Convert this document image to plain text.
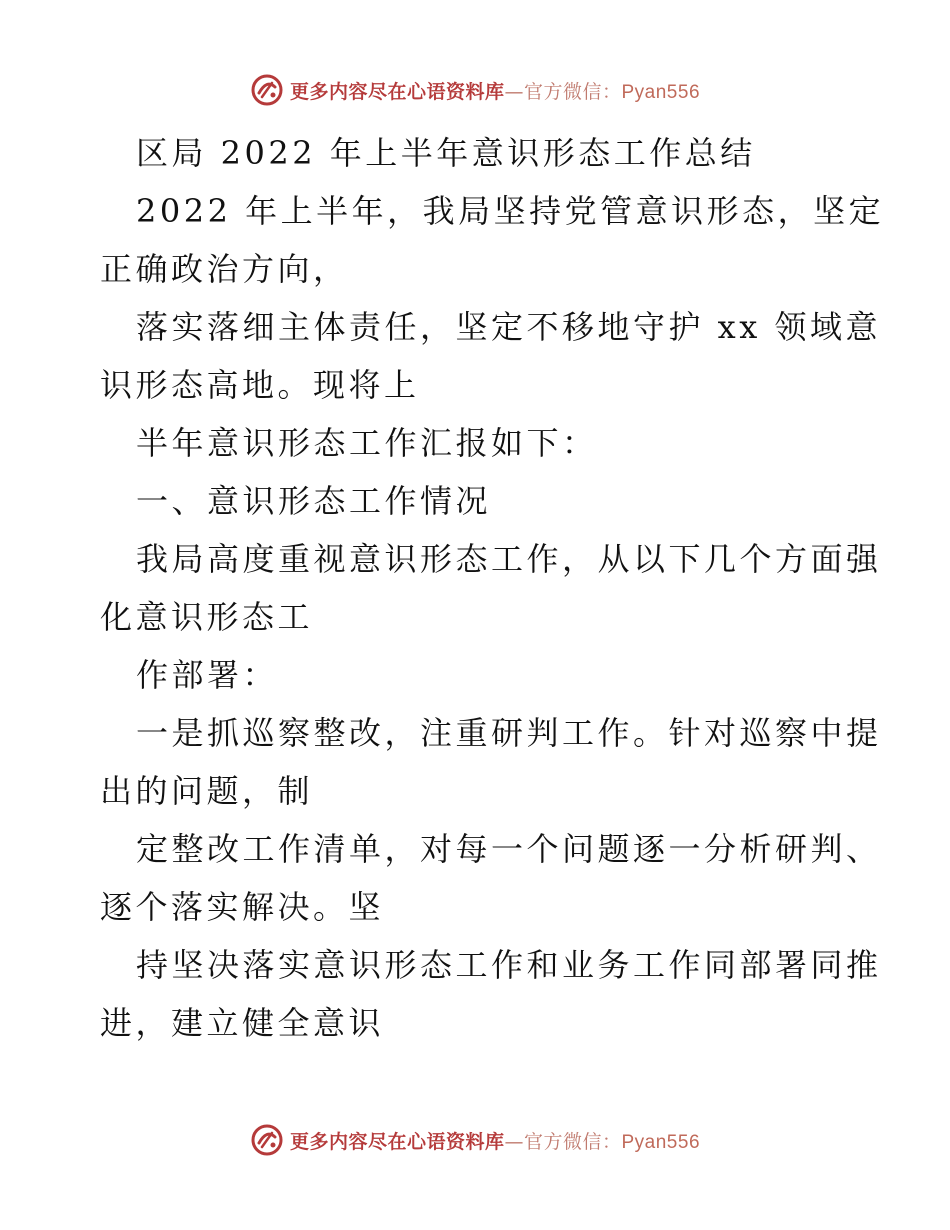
更多内容尽在心语资料库—官方微信：Pyan556

区局 2022 年上半年意识形态工作总结

2022 年上半年，我局坚持党管意识形态，坚定

正确政治方向，

落实落细主体责任，坚定不移地守护 xx 领域意

识形态高地。现将上

半年意识形态工作汇报如下：

一、意识形态工作情况

我局高度重视意识形态工作，从以下几个方面强

化意识形态工

作部署：

一是抓巡察整改，注重研判工作。针对巡察中提

出的问题，制

定整改工作清单，对每一个问题逐一分析研判、

逐个落实解决。坚

持坚决落实意识形态工作和业务工作同部署同推

进，建立健全意识

更多内容尽在心语资料库—官方微信：Pyan556
